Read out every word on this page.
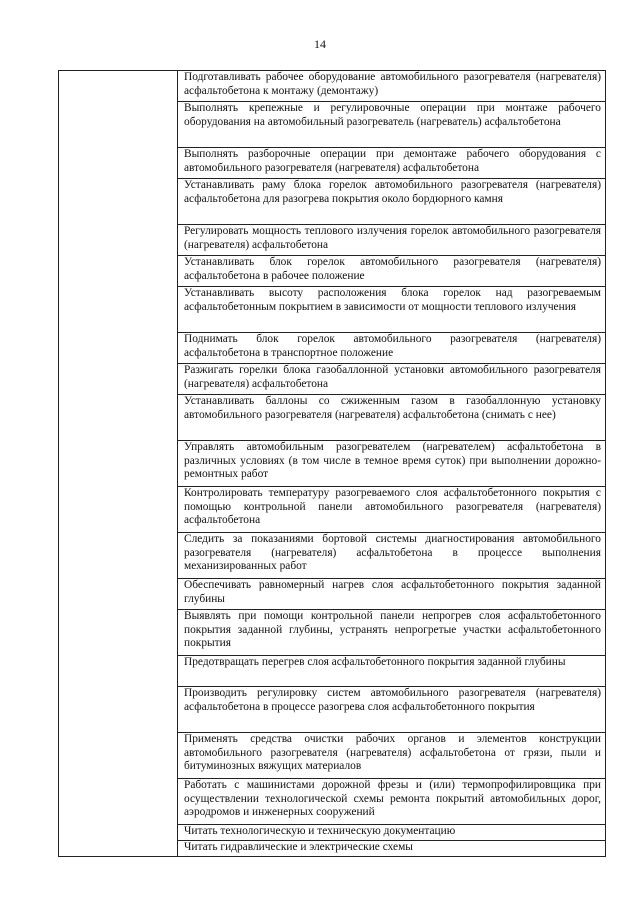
14

Подготавливать рабочее оборудование автомобильного разогревателя (нагревателя) асфальтобетона к монтажу (демонтажу)

Выполнять крепежные и регулировочные операции при монтаже рабочего оборудования на автомобильный разогреватель (нагреватель) асфальтобетона

Выполнять разборочные операции при демонтаже рабочего оборудования с автомобильного разогревателя (нагревателя) асфальтобетона

Устанавливать раму блока горелок автомобильного разогревателя (нагревателя) асфальтобетона для разогрева покрытия около бордюрного камня

Регулировать мощность теплового излучения горелок автомобильного разогревателя (нагревателя) асфальтобетона

Устанавливать блок горелок автомобильного разогревателя (нагревателя) асфальтобетона в рабочее положение

Устанавливать высоту расположения блока горелок над разогреваемым асфальтобетонным покрытием в зависимости от мощности теплового излучения

Поднимать блок горелок автомобильного разогревателя (нагревателя) асфальтобетона в транспортное положение

Разжигать горелки блока газобаллонной установки автомобильного разогревателя (нагревателя) асфальтобетона

Устанавливать баллоны со сжиженным газом в газобаллонную установку автомобильного разогревателя (нагревателя) асфальтобетона (снимать с нее)

Управлять автомобильным разогревателем (нагревателем) асфальтобетона в различных условиях (в том числе в темное время суток) при выполнении дорожно-ремонтных работ

Контролировать температуру разогреваемого слоя асфальтобетонного покрытия с помощью контрольной панели автомобильного разогревателя (нагревателя) асфальтобетона

Следить за показаниями бортовой системы диагностирования автомобильного разогревателя (нагревателя) асфальтобетона в процессе выполнения механизированных работ

Обеспечивать равномерный нагрев слоя асфальтобетонного покрытия заданной глубины

Выявлять при помощи контрольной панели непрогрев слоя асфальтобетонного покрытия заданной глубины, устранять непрогретые участки асфальтобетонного покрытия

Предотвращать перегрев слоя асфальтобетонного покрытия заданной глубины

Производить регулировку систем автомобильного разогревателя (нагревателя) асфальтобетона в процессе разогрева слоя асфальтобетонного покрытия

Применять средства очистки рабочих органов и элементов конструкции автомобильного разогревателя (нагревателя) асфальтобетона от грязи, пыли и битуминозных вяжущих материалов

Работать с машинистами дорожной фрезы и (или) термопрофилировщика при осуществлении технологической схемы ремонта покрытий автомобильных дорог, аэродромов и инженерных сооружений

Читать технологическую и техническую документацию

Читать гидравлические и электрические схемы
